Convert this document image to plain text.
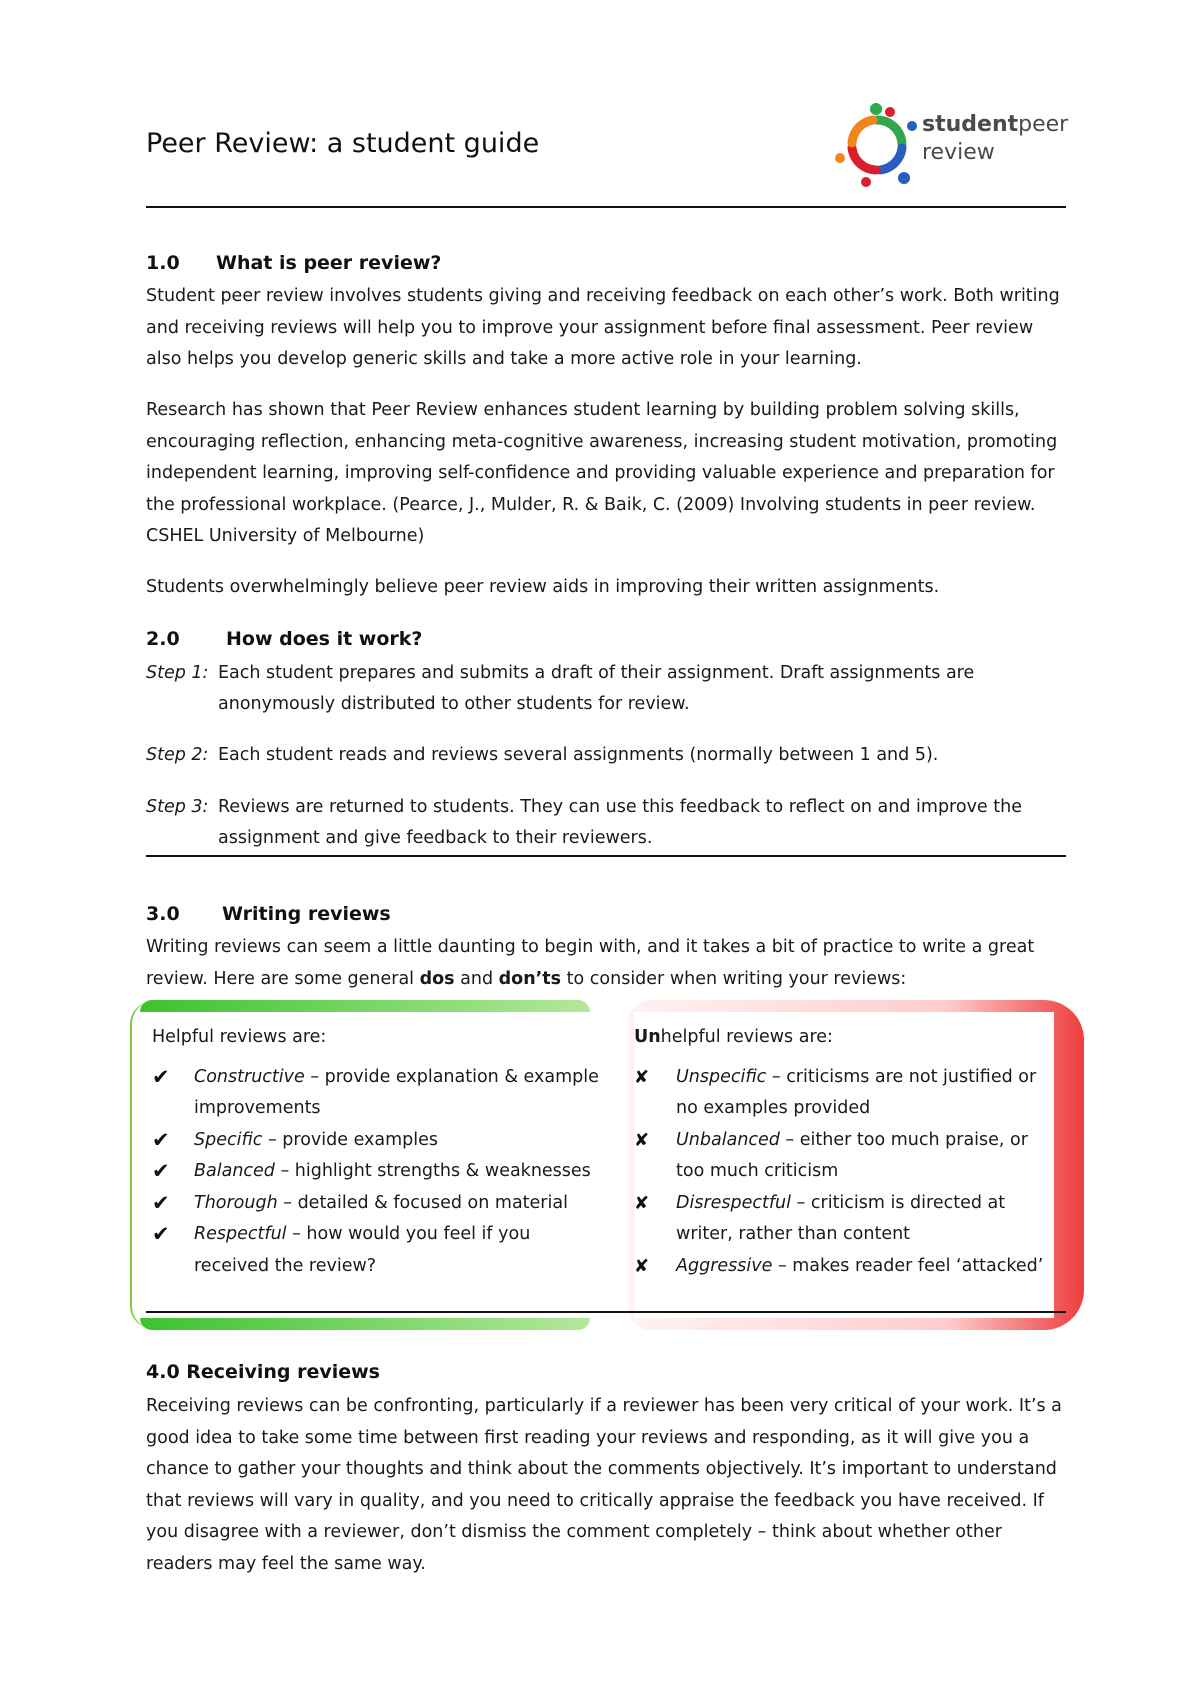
Peer Review: a student guide
studentpeer
review
1.0 What is peer review?
Student peer review involves students giving and receiving feedback on each other’s work. Both writing and receiving reviews will help you to improve your assignment before final assessment. Peer review also helps you develop generic skills and take a more active role in your learning.
Research has shown that Peer Review enhances student learning by building problem solving skills, encouraging reflection, enhancing meta-cognitive awareness, increasing student motivation, promoting independent learning, improving self-confidence and providing valuable experience and preparation for the professional workplace. (Pearce, J., Mulder, R. & Baik, C. (2009) Involving students in peer review. CSHEL University of Melbourne)
Students overwhelmingly believe peer review aids in improving their written assignments.
2.0 How does it work?
Step 1: Each student prepares and submits a draft of their assignment. Draft assignments are anonymously distributed to other students for review.
Step 2: Each student reads and reviews several assignments (normally between 1 and 5).
Step 3: Reviews are returned to students. They can use this feedback to reflect on and improve the assignment and give feedback to their reviewers.
3.0 Writing reviews
Writing reviews can seem a little daunting to begin with, and it takes a bit of practice to write a great review. Here are some general dos and don’ts to consider when writing your reviews:
Helpful reviews are:
✔ Constructive – provide explanation & example improvements
✔ Specific – provide examples
✔ Balanced – highlight strengths & weaknesses
✔ Thorough – detailed & focused on material
✔ Respectful – how would you feel if you received the review?
Unhelpful reviews are:
✘ Unspecific – criticisms are not justified or no examples provided
✘ Unbalanced – either too much praise, or too much criticism
✘ Disrespectful – criticism is directed at writer, rather than content
✘ Aggressive – makes reader feel ‘attacked’
4.0 Receiving reviews
Receiving reviews can be confronting, particularly if a reviewer has been very critical of your work. It’s a good idea to take some time between first reading your reviews and responding, as it will give you a chance to gather your thoughts and think about the comments objectively. It’s important to understand that reviews will vary in quality, and you need to critically appraise the feedback you have received. If you disagree with a reviewer, don’t dismiss the comment completely – think about whether other readers may feel the same way.
